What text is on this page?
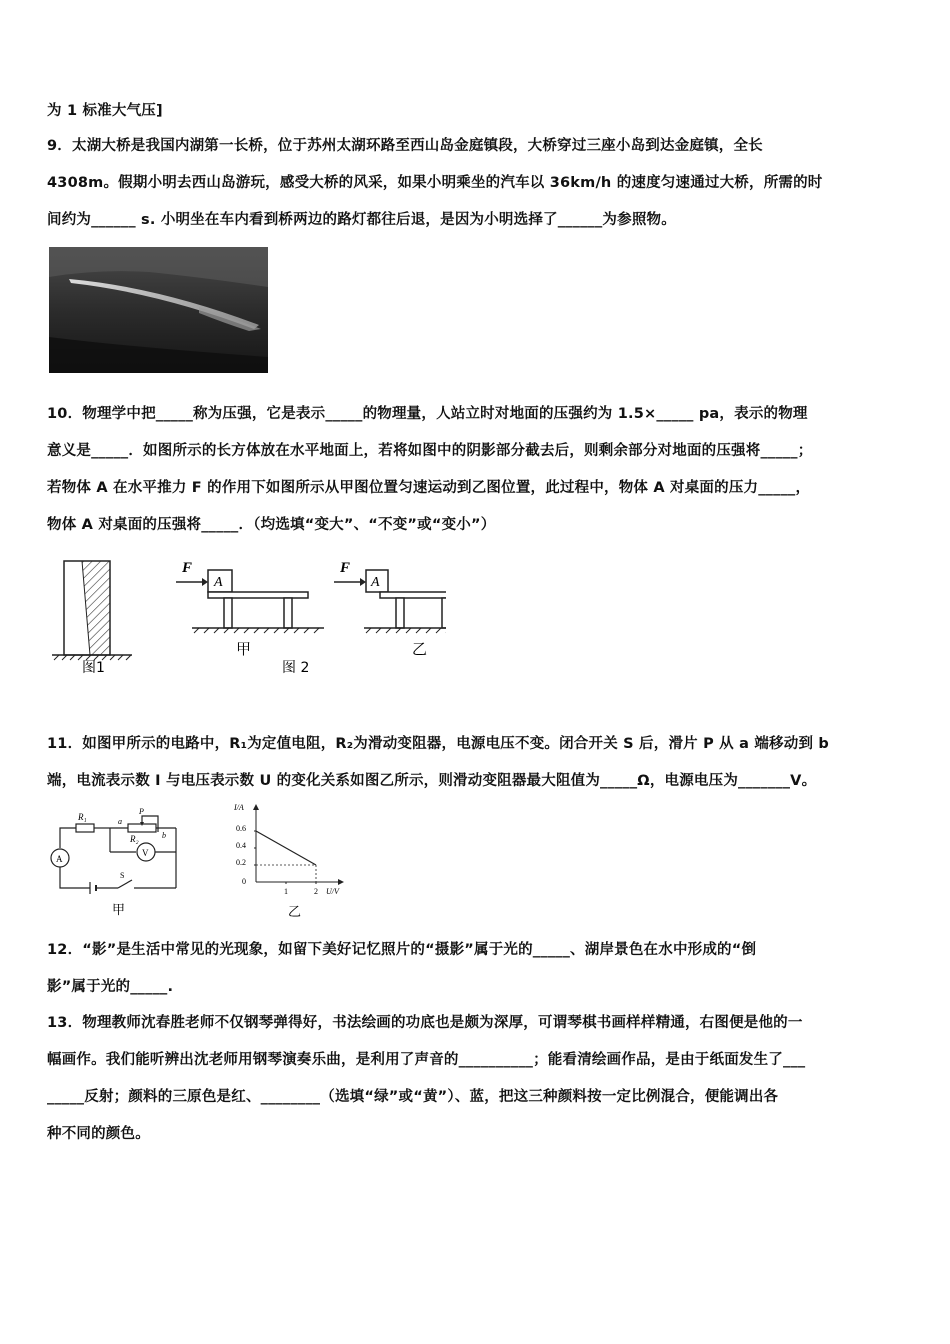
为 1 标准大气压]
9．太湖大桥是我国内湖第一长桥，位于苏州太湖环路至西山岛金庭镇段，大桥穿过三座小岛到达金庭镇，全长
4308m。假期小明去西山岛游玩，感受大桥的风采，如果小明乘坐的汽车以 36km/h 的速度匀速通过大桥，所需的时
间约为______ s. 小明坐在车内看到桥两边的路灯都往后退，是因为小明选择了______为参照物。
10．物理学中把_____称为压强，它是表示_____的物理量，人站立时对地面的压强约为 1.5×_____ pa，表示的物理
意义是_____．如图所示的长方体放在水平地面上，若将如图中的阴影部分截去后，则剩余部分对地面的压强将_____；
若物体 A 在水平推力 F 的作用下如图所示从甲图位置匀速运动到乙图位置，此过程中，物体 A 对桌面的压力_____，
物体 A 对桌面的压强将_____．（均选填“变大”、“不变”或“变小”）
图1
F
A
甲
F
A
乙
图 2
11．如图甲所示的电路中，R₁为定值电阻，R₂为滑动变阻器，电源电压不变。闭合开关 S 后，滑片 P 从 a 端移动到 b
端，电流表示数 I 与电压表示数 U 的变化关系如图乙所示，则滑动变阻器最大阻值为_____Ω，电源电压为_______V。
R₁
P
a
b
R₂
V
A
S
甲
I/A
U/V
0.6
0.4
0.2
0
1	2
乙
12．“影”是生活中常见的光现象，如留下美好记忆照片的“摄影”属于光的_____、湖岸景色在水中形成的“倒
影”属于光的_____.
13．物理教师沈春胜老师不仅钢琴弹得好，书法绘画的功底也是颇为深厚，可谓琴棋书画样样精通，右图便是他的一
幅画作。我们能听辨出沈老师用钢琴演奏乐曲，是利用了声音的__________；能看清绘画作品，是由于纸面发生了___
_____反射；颜料的三原色是红、________（选填“绿”或“黄”）、蓝，把这三种颜料按一定比例混合，便能调出各
种不同的颜色。
